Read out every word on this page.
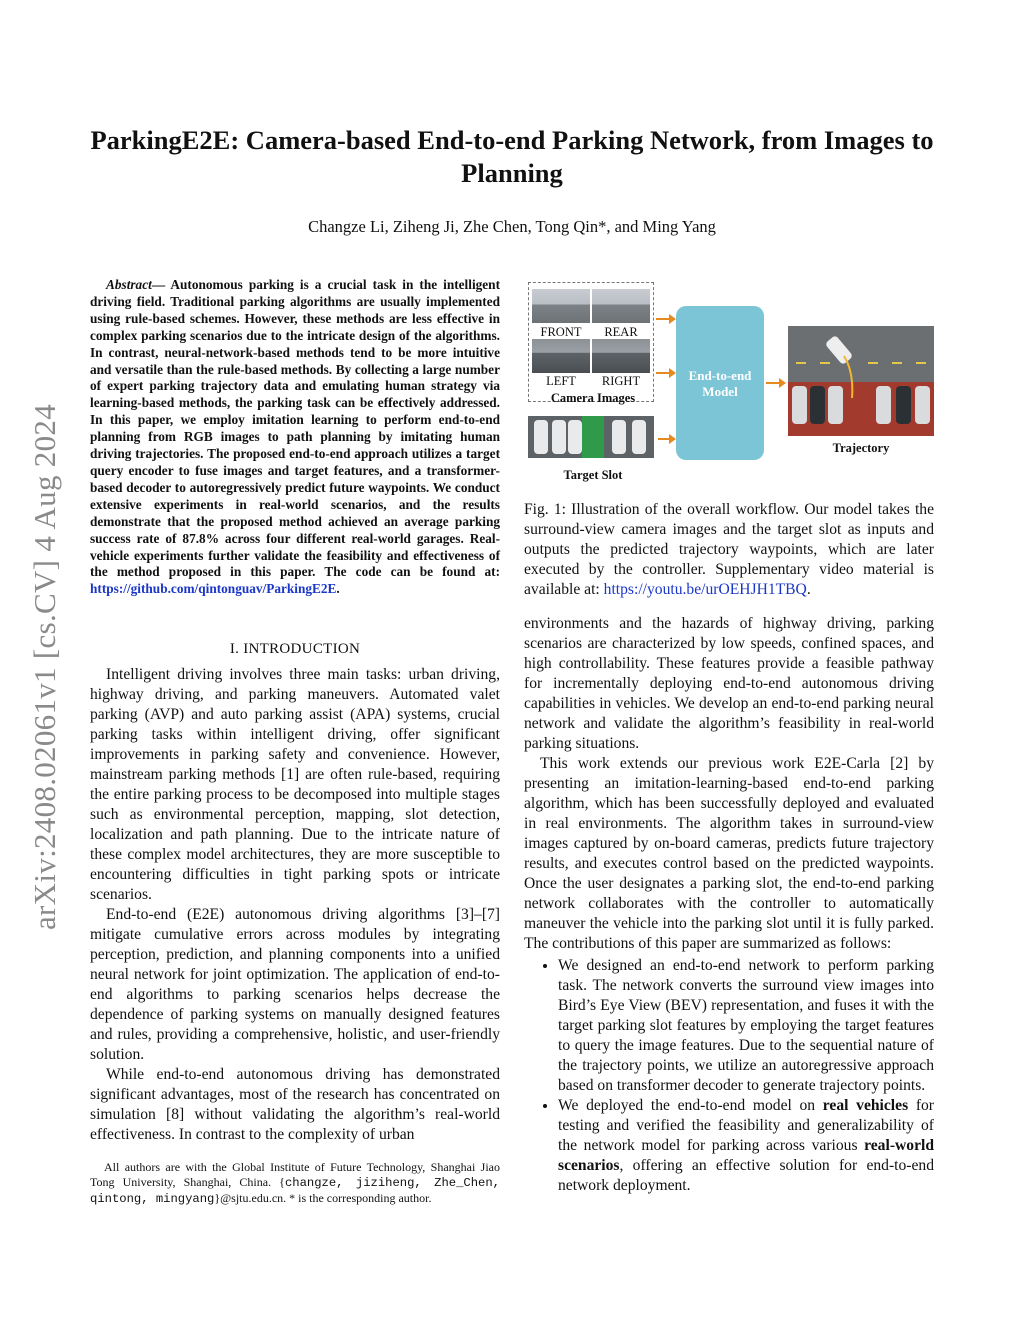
arXiv:2408.02061v1 [cs.CV] 4 Aug 2024
ParkingE2E: Camera-based End-to-end Parking Network, from Images to Planning
Changze Li, Ziheng Ji, Zhe Chen, Tong Qin*, and Ming Yang
Abstract— Autonomous parking is a crucial task in the intelligent driving field. Traditional parking algorithms are usually implemented using rule-based schemes. However, these methods are less effective in complex parking scenarios due to the intricate design of the algorithms. In contrast, neural-network-based methods tend to be more intuitive and versatile than the rule-based methods. By collecting a large number of expert parking trajectory data and emulating human strategy via learning-based methods, the parking task can be effectively addressed. In this paper, we employ imitation learning to perform end-to-end planning from RGB images to path planning by imitating human driving trajectories. The proposed end-to-end approach utilizes a target query encoder to fuse images and target features, and a transformer-based decoder to autoregressively predict future waypoints. We conduct extensive experiments in real-world scenarios, and the results demonstrate that the proposed method achieved an average parking success rate of 87.8% across four different real-world garages. Real-vehicle experiments further validate the feasibility and effectiveness of the method proposed in this paper. The code can be found at: https://github.com/qintonguav/ParkingE2E.
I. INTRODUCTION

Intelligent driving involves three main tasks: urban driving, highway driving, and parking maneuvers. Automated valet parking (AVP) and auto parking assist (APA) systems, crucial parking tasks within intelligent driving, offer significant improvements in parking safety and convenience. However, mainstream parking methods [1] are often rule-based, requiring the entire parking process to be decomposed into multiple stages such as environmental perception, mapping, slot detection, localization and path planning. Due to the intricate nature of these complex model architectures, they are more susceptible to encountering difficulties in tight parking spots or intricate scenarios.

End-to-end (E2E) autonomous driving algorithms [3]–[7] mitigate cumulative errors across modules by integrating perception, prediction, and planning components into a unified neural network for joint optimization. The application of end-to-end algorithms to parking scenarios helps decrease the dependence of parking systems on manually designed features and rules, providing a comprehensive, holistic, and user-friendly solution.

While end-to-end autonomous driving has demonstrated significant advantages, most of the research has concentrated on simulation [8] without validating the algorithm’s real-world effectiveness. In contrast to the complexity of urban

All authors are with the Global Institute of Future Technology, Shanghai Jiao Tong University, Shanghai, China. {changze, jiziheng, Zhe_Chen, qintong, mingyang}@sjtu.edu.cn. * is the corresponding author.
FRONT	REAR
LEFT	RIGHT
Camera Images
Target Slot
End-to-end Model
Trajectory
Fig. 1: Illustration of the overall workflow. Our model takes the surround-view camera images and the target slot as inputs and outputs the predicted trajectory waypoints, which are later executed by the controller. Supplementary video material is available at: https://youtu.be/urOEHJH1TBQ.

environments and the hazards of highway driving, parking scenarios are characterized by low speeds, confined spaces, and high controllability. These features provide a feasible pathway for incrementally deploying end-to-end autonomous driving capabilities in vehicles. We develop an end-to-end parking neural network and validate the algorithm’s feasibility in real-world parking situations.

This work extends our previous work E2E-Carla [2] by presenting an imitation-learning-based end-to-end parking algorithm, which has been successfully deployed and evaluated in real environments. The algorithm takes in surround-view images captured by on-board cameras, predicts future trajectory results, and executes control based on the predicted waypoints. Once the user designates a parking slot, the end-to-end parking network collaborates with the controller to automatically maneuver the vehicle into the parking slot until it is fully parked. The contributions of this paper are summarized as follows:

• We designed an end-to-end network to perform parking task. The network converts the surround view images into Bird’s Eye View (BEV) representation, and fuses it with the target parking slot features by employing the target features to query the image features. Due to the sequential nature of the trajectory points, we utilize an autoregressive approach based on transformer decoder to generate trajectory points.
• We deployed the end-to-end model on real vehicles for testing and verified the feasibility and generalizability of the network model for parking across various real-world scenarios, offering an effective solution for end-to-end network deployment.
